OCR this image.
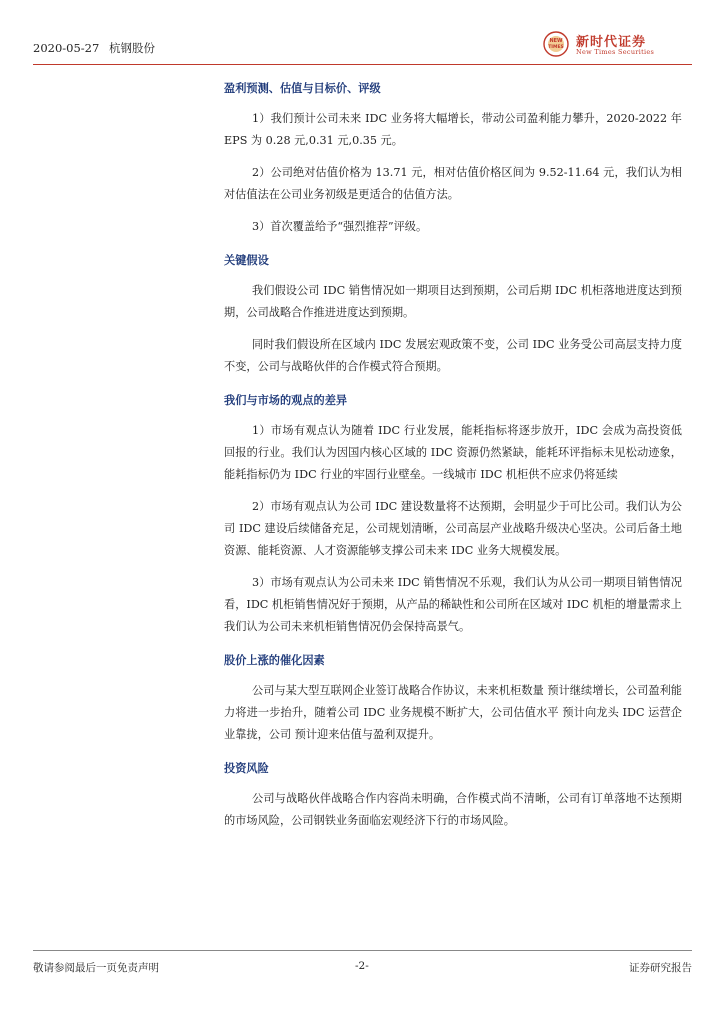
2020-05-27 杭钢股份	NEW
TIMES 新时代证券
New Times Securities

盈利预测、估值与目标价、评级

1）我们预计公司未来 IDC 业务将大幅增长，带动公司盈利能力攀升，2020-2022 年 EPS 为 0.28 元,0.31 元,0.35 元。

2）公司绝对估值价格为 13.71 元，相对估值价格区间为 9.52-11.64 元，我们认为相对估值法在公司业务初级是更适合的估值方法。

3）首次覆盖给予“强烈推荐”评级。

关键假设

我们假设公司 IDC 销售情况如一期项目达到预期，公司后期 IDC 机柜落地进度达到预期，公司战略合作推进进度达到预期。

同时我们假设所在区域内 IDC 发展宏观政策不变，公司 IDC 业务受公司高层支持力度不变，公司与战略伙伴的合作模式符合预期。

我们与市场的观点的差异

1）市场有观点认为随着 IDC 行业发展，能耗指标将逐步放开，IDC 会成为高投资低回报的行业。我们认为因国内核心区域的 IDC 资源仍然紧缺，能耗环评指标未见松动迹象，能耗指标仍为 IDC 行业的牢固行业壁垒。一线城市 IDC 机柜供不应求仍将延续

2）市场有观点认为公司 IDC 建设数量将不达预期，会明显少于可比公司。我们认为公司 IDC 建设后续储备充足，公司规划清晰，公司高层产业战略升级决心坚决。公司后备土地资源、能耗资源、人才资源能够支撑公司未来 IDC 业务大规模发展。

3）市场有观点认为公司未来 IDC 销售情况不乐观，我们认为从公司一期项目销售情况看，IDC 机柜销售情况好于预期，从产品的稀缺性和公司所在区域对 IDC 机柜的增量需求上我们认为公司未来机柜销售情况仍会保持高景气。

股价上涨的催化因素

公司与某大型互联网企业签订战略合作协议，未来机柜数量 预计继续增长，公司盈利能力将进一步抬升，随着公司 IDC 业务规模不断扩大，公司估值水平 预计向龙头 IDC 运营企业靠拢，公司 预计迎来估值与盈利双提升。

投资风险

公司与战略伙伴战略合作内容尚未明确，合作模式尚不清晰，公司有订单落地不达预期的市场风险，公司钢铁业务面临宏观经济下行的市场风险。

敬请参阅最后一页免责声明	-2-	证券研究报告
